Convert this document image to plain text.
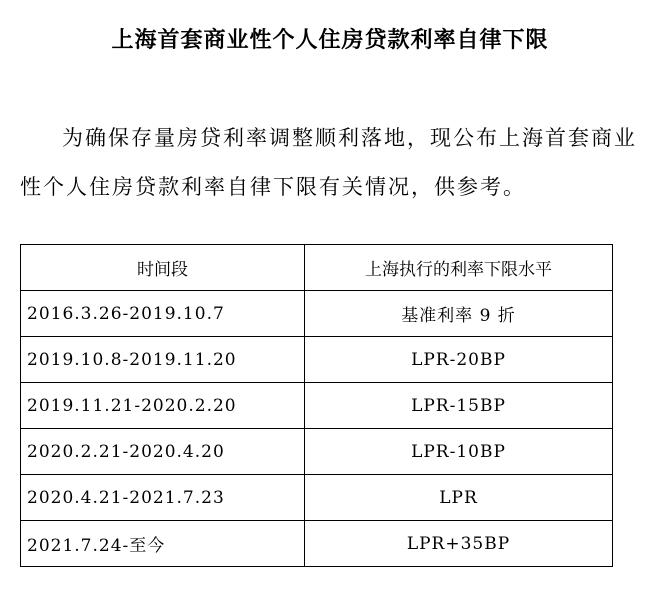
上海首套商业性个人住房贷款利率自律下限

为确保存量房贷利率调整顺利落地，现公布上海首套商业性个人住房贷款利率自律下限有关情况，供参考。

时间段	上海执行的利率下限水平
2016.3.26-2019.10.7	基准利率 9 折
2019.10.8-2019.11.20	LPR-20BP
2019.11.21-2020.2.20	LPR-15BP
2020.2.21-2020.4.20	LPR-10BP
2020.4.21-2021.7.23	LPR
2021.7.24-至今	LPR+35BP
